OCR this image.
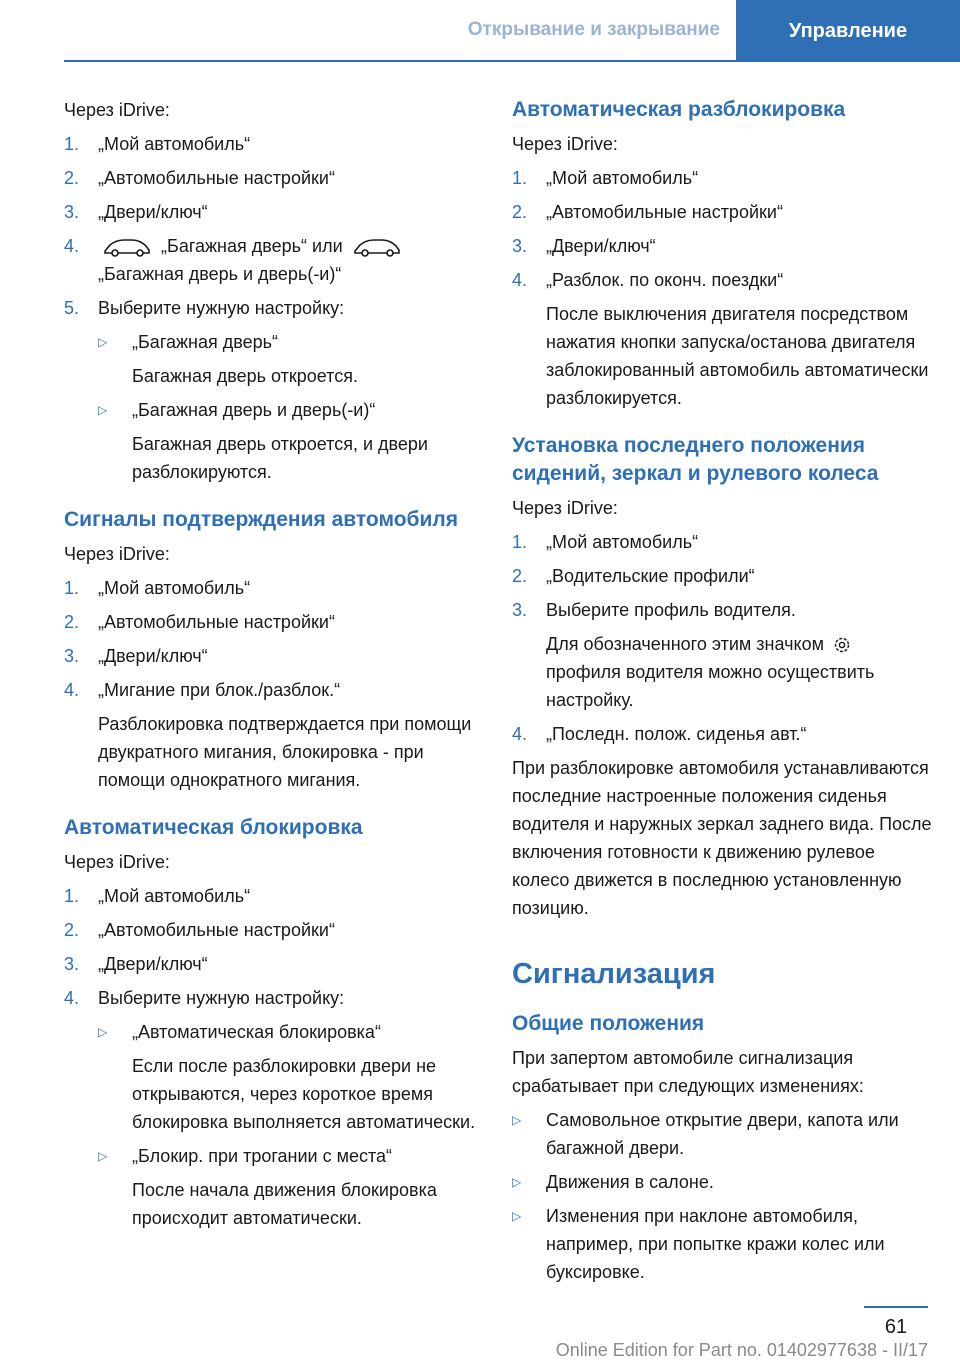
Открывание и закрывание	Управление
Через iDrive:
1. „Мой автомобиль“
2. „Автомобильные настройки“
3. „Двери/ключ“
4.	„Багажная дверь“ или
„Багажная дверь и дверь(-и)“
5. Выберите нужную настройку:
▷ „Багажная дверь“
Багажная дверь откроется.
▷ „Багажная дверь и дверь(-и)“
Багажная дверь откроется, и двери разблокируются.
Сигналы подтверждения автомобиля
Через iDrive:
1. „Мой автомобиль“
2. „Автомобильные настройки“
3. „Двери/ключ“
4. „Мигание при блок./разблок.“
Разблокировка подтверждается при помощи двукратного мигания, блокировка - при помощи однократного мигания.
Автоматическая блокировка
Через iDrive:
1. „Мой автомобиль“
2. „Автомобильные настройки“
3. „Двери/ключ“
4. Выберите нужную настройку:
▷ „Автоматическая блокировка“
Если после разблокировки двери не открываются, через короткое время блокировка выполняется автоматически.
▷ „Блокир. при трогании с места“
После начала движения блокировка происходит автоматически.
Автоматическая разблокировка
Через iDrive:
1. „Мой автомобиль“
2. „Автомобильные настройки“
3. „Двери/ключ“
4. „Разблок. по оконч. поездки“
После выключения двигателя посредством нажатия кнопки запуска/останова двигателя заблокированный автомобиль автоматически разблокируется.
Установка последнего положения сидений, зеркал и рулевого колеса
Через iDrive:
1. „Мой автомобиль“
2. „Водительские профили“
3. Выберите профиль водителя.
Для обозначенного этим значком  профиля водителя можно осуществить настройку.
4. „Последн. полож. сиденья авт.“
При разблокировке автомобиля устанавливаются последние настроенные положения сиденья водителя и наружных зеркал заднего вида. После включения готовности к движению рулевое колесо движется в последнюю установленную позицию.
Сигнализация
Общие положения
При запертом автомобиле сигнализация срабатывает при следующих изменениях:
▷ Самовольное открытие двери, капота или багажной двери.
▷ Движения в салоне.
▷ Изменения при наклоне автомобиля, например, при попытке кражи колес или буксировке.
61
Online Edition for Part no. 01402977638 - II/17
